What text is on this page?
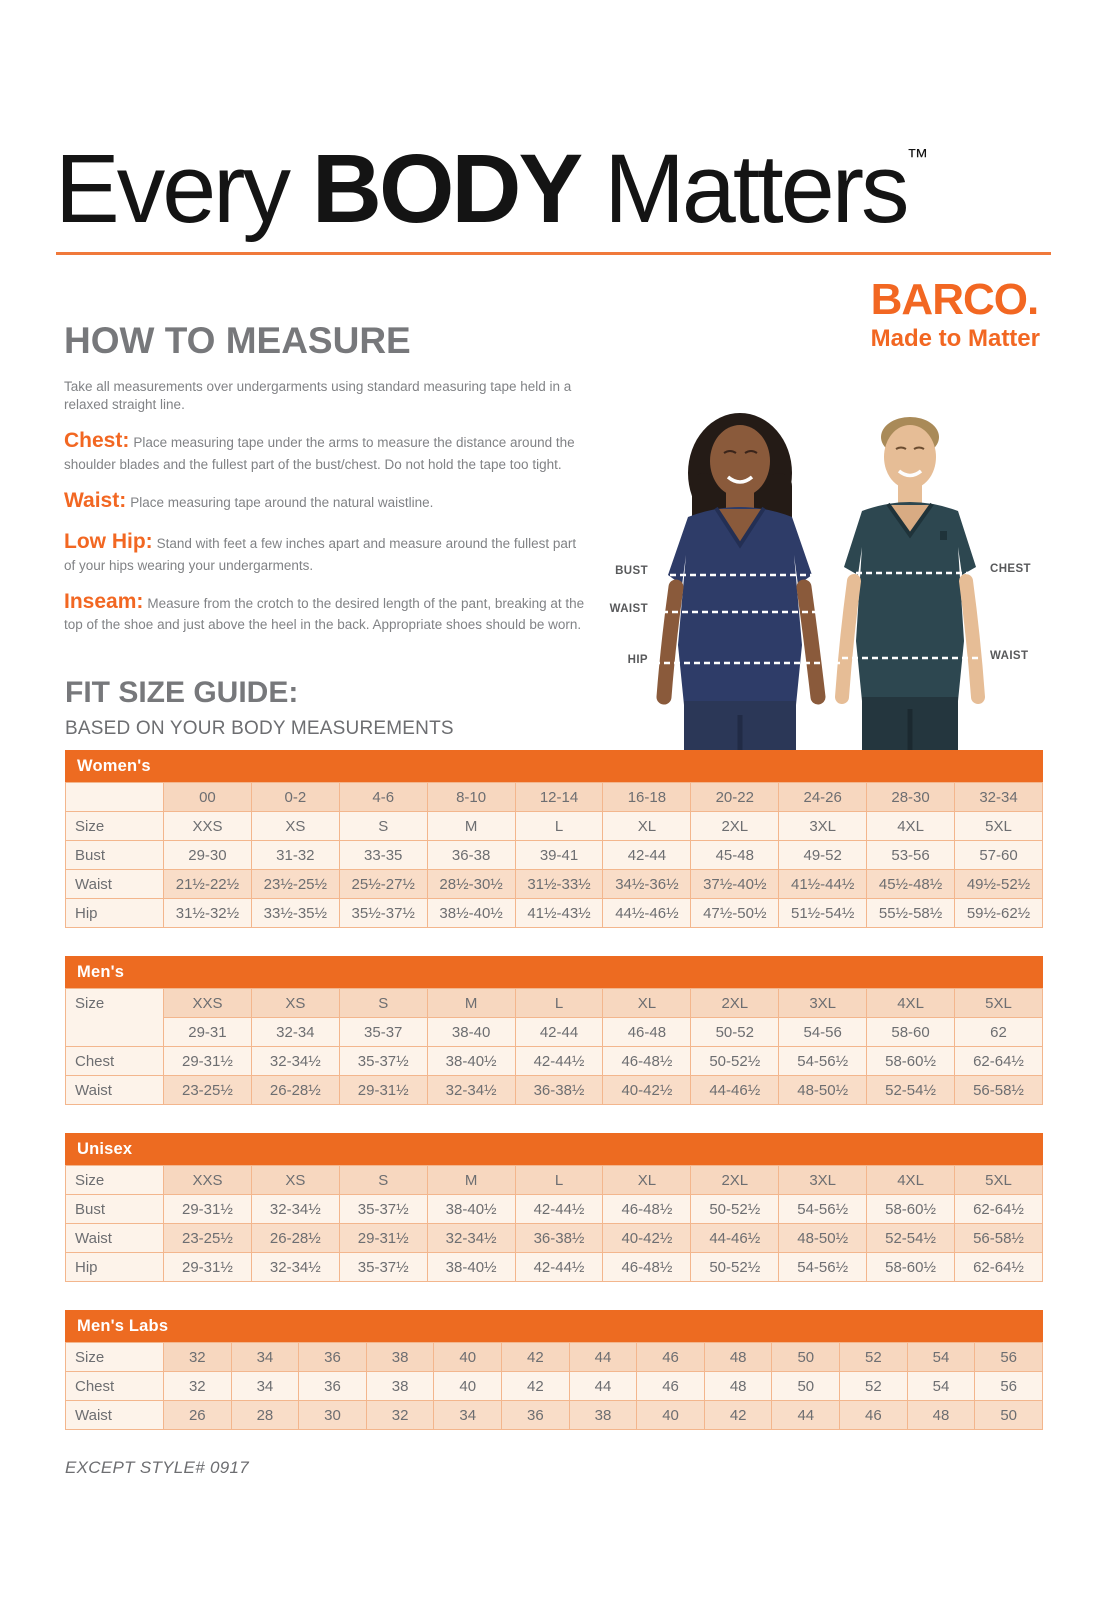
Every BODY Matters™
BARCO.
Made to Matter
HOW TO MEASURE

Take all measurements over undergarments using standard measuring tape held in a relaxed straight line.

Chest: Place measuring tape under the arms to measure the distance around the shoulder blades and the fullest part of the bust/chest. Do not hold the tape too tight.

Waist: Place measuring tape around the natural waistline.

Low Hip: Stand with feet a few inches apart and measure around the fullest part of your hips wearing your undergarments.

Inseam: Measure from the crotch to the desired length of the pant, breaking at the top of the shoe and just above the heel in the back. Appropriate shoes should be worn.

BUST
WAIST
HIP
CHEST
WAIST
FIT SIZE GUIDE:
BASED ON YOUR BODY MEASUREMENTS
Women's
	00	0-2	4-6	8-10	12-14	16-18	20-22	24-26	28-30	32-34
Size	XXS	XS	S	M	L	XL	2XL	3XL	4XL	5XL
Bust	29-30	31-32	33-35	36-38	39-41	42-44	45-48	49-52	53-56	57-60
Waist	21½-22½	23½-25½	25½-27½	28½-30½	31½-33½	34½-36½	37½-40½	41½-44½	45½-48½	49½-52½
Hip	31½-32½	33½-35½	35½-37½	38½-40½	41½-43½	44½-46½	47½-50½	51½-54½	55½-58½	59½-62½
Men's
Size	XXS	XS	S	M	L	XL	2XL	3XL	4XL	5XL
	29-31	32-34	35-37	38-40	42-44	46-48	50-52	54-56	58-60	62
Chest	29-31½	32-34½	35-37½	38-40½	42-44½	46-48½	50-52½	54-56½	58-60½	62-64½
Waist	23-25½	26-28½	29-31½	32-34½	36-38½	40-42½	44-46½	48-50½	52-54½	56-58½
Unisex
Size	XXS	XS	S	M	L	XL	2XL	3XL	4XL	5XL
Bust	29-31½	32-34½	35-37½	38-40½	42-44½	46-48½	50-52½	54-56½	58-60½	62-64½
Waist	23-25½	26-28½	29-31½	32-34½	36-38½	40-42½	44-46½	48-50½	52-54½	56-58½
Hip	29-31½	32-34½	35-37½	38-40½	42-44½	46-48½	50-52½	54-56½	58-60½	62-64½
Men's Labs
Size	32	34	36	38	40	42	44	46	48	50	52	54	56
Chest	32	34	36	38	40	42	44	46	48	50	52	54	56
Waist	26	28	30	32	34	36	38	40	42	44	46	48	50
EXCEPT STYLE# 0917
